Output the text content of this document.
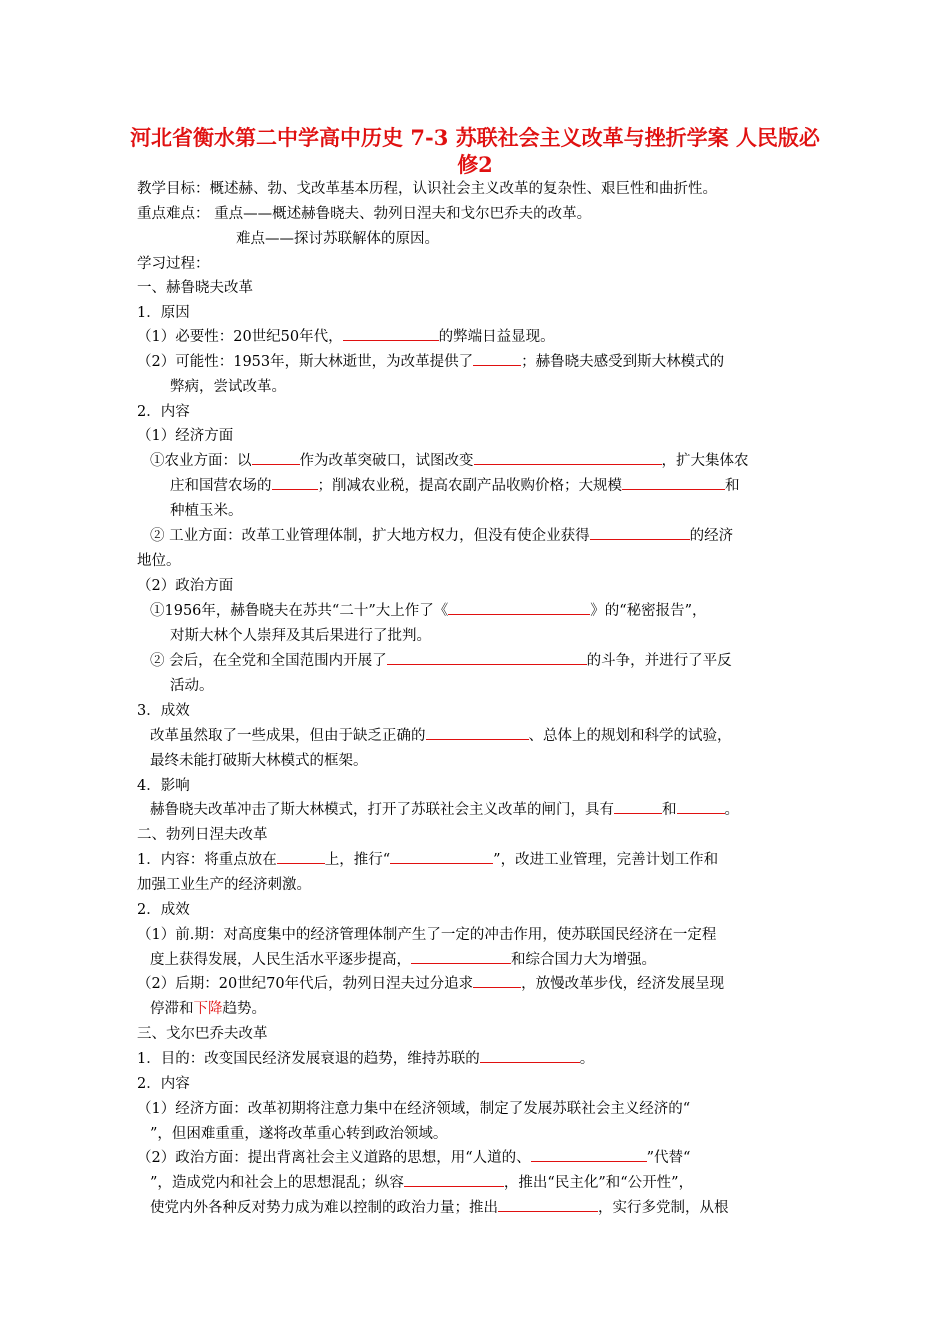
河北省衡水第二中学高中历史 7-3 苏联社会主义改革与挫折学案 人民版必修2
教学目标：概述赫、勃、戈改革基本历程，认识社会主义改革的复杂性、艰巨性和曲折性。
重点难点： 重点——概述赫鲁晓夫、勃列日涅夫和戈尔巴乔夫的改革。
难点——探讨苏联解体的原因。
学习过程：
一、赫鲁晓夫改革
1．原因
（1）必要性：20世纪50年代，	的弊端日益显现。
（2）可能性：1953年，斯大林逝世，为改革提供了	；赫鲁晓夫感受到斯大林模式的
弊病，尝试改革。
2．内容
（1）经济方面
①农业方面：以	作为改革突破口，试图改变	，扩大集体农
庄和国营农场的	；削减农业税，提高农副产品收购价格；大规模	和
种植玉米。
② 工业方面：改革工业管理体制，扩大地方权力，但没有使企业获得	的经济
地位。
（2）政治方面
①1956年，赫鲁晓夫在苏共“二十”大上作了《	》的“秘密报告”，
对斯大林个人崇拜及其后果进行了批判。
② 会后，在全党和全国范围内开展了	的斗争，并进行了平反
活动。
3．成效
改革虽然取了一些成果，但由于缺乏正确的	、总体上的规划和科学的试验，
最终未能打破斯大林模式的框架。
4．影响
赫鲁晓夫改革冲击了斯大林模式，打开了苏联社会主义改革的闸门，具有	和	。
二、勃列日涅夫改革
1．内容：将重点放在	上，推行“	”，改进工业管理，完善计划工作和
加强工业生产的经济刺激。
2．成效
（1）前.期：对高度集中的经济管理体制产生了一定的冲击作用，使苏联国民经济在一定程
度上获得发展，人民生活水平逐步提高，	和综合国力大为增强。
（2）后期：20世纪70年代后，勃列日涅夫过分追求	，放慢改革步伐，经济发展呈现
停滞和下降趋势。
三、戈尔巴乔夫改革
1．目的：改变国民经济发展衰退的趋势，维持苏联的	。
2．内容
（1）经济方面：改革初期将注意力集中在经济领域，制定了发展苏联社会主义经济的“
”，但困难重重，遂将改革重心转到政治领域。
（2）政治方面：提出背离社会主义道路的思想，用“人道的、	”代替“
”，造成党内和社会上的思想混乱；纵容	，推出“民主化”和“公开性”，
使党内外各种反对势力成为难以控制的政治力量；推出	，实行多党制，从根
